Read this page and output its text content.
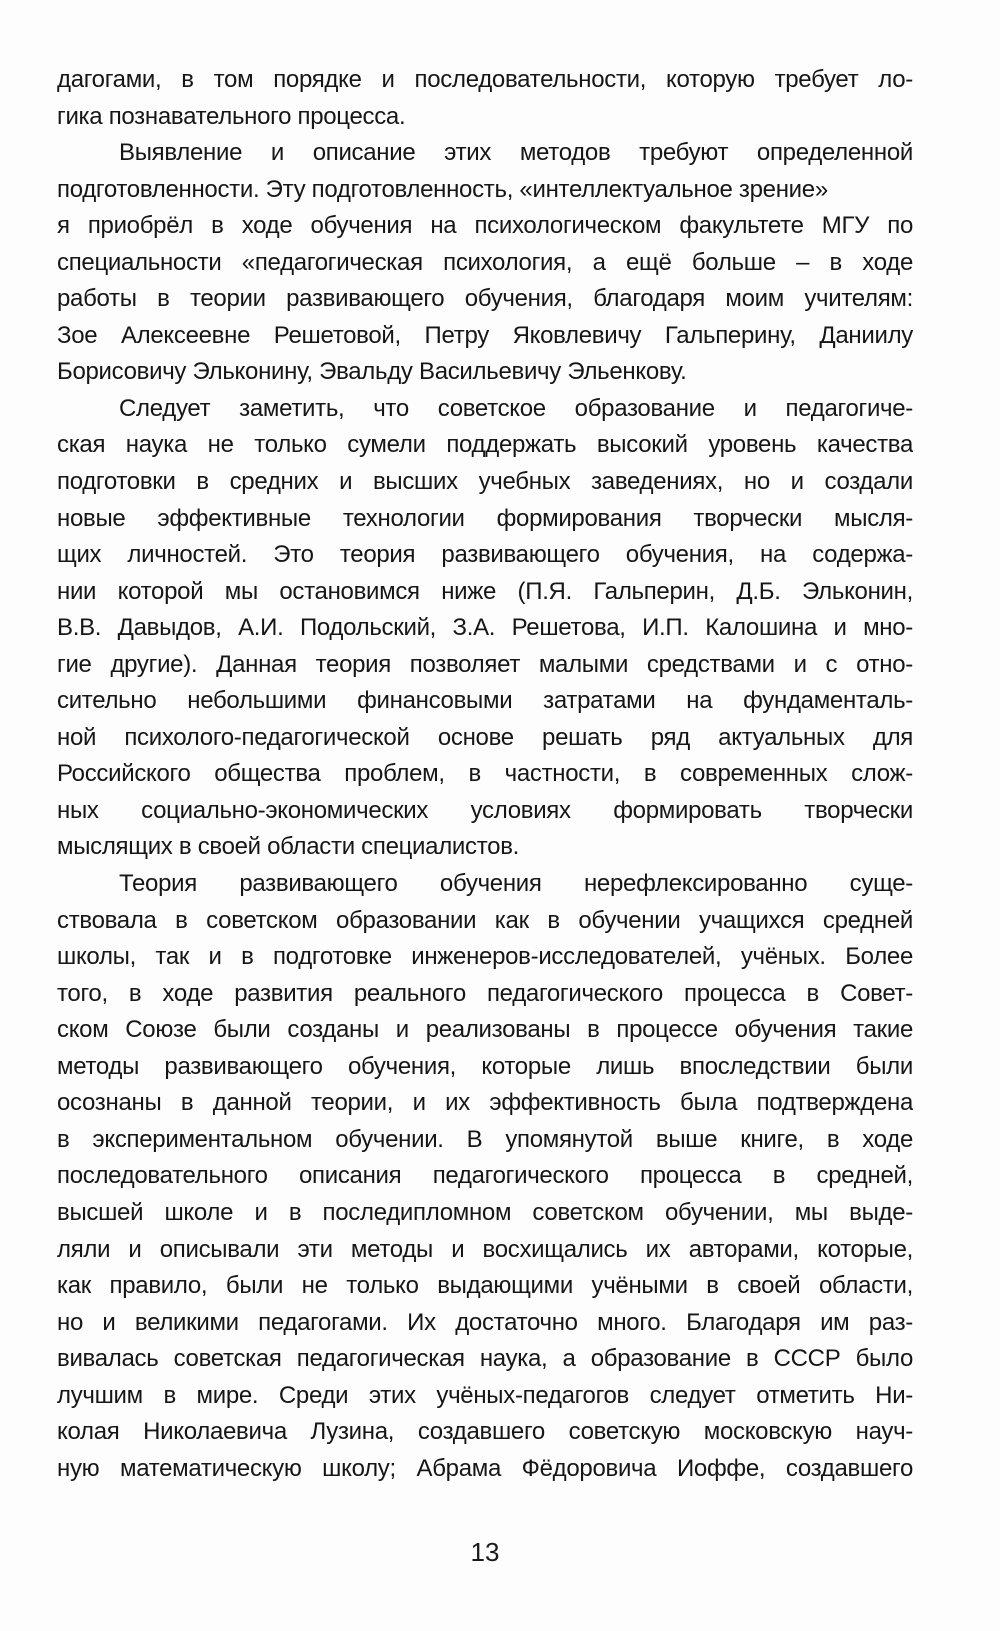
дагогами, в том порядке и последовательности, которую требует ло-
гика познавательного процесса.
Выявление и описание этих методов требуют определенной
подготовленности. Эту подготовленность, «интеллектуальное зрение»
я приобрёл в ходе обучения на психологическом факультете МГУ по
специальности «педагогическая психология, а ещё больше – в ходе
работы в теории развивающего обучения, благодаря моим учителям:
Зое Алексеевне Решетовой, Петру Яковлевичу Гальперину, Даниилу
Борисовичу Эльконину, Эвальду Васильевичу Эльенкову.
Следует заметить, что советское образование и педагогиче-
ская наука не только сумели поддержать высокий уровень качества
подготовки в средних и высших учебных заведениях, но и создали
новые эффективные технологии формирования творчески мысля-
щих личностей. Это теория развивающего обучения, на содержа-
нии которой мы остановимся ниже (П.Я. Гальперин, Д.Б. Эльконин,
В.В. Давыдов, А.И. Подольский, З.А. Решетова, И.П. Калошина и мно-
гие другие). Данная теория позволяет малыми средствами и с отно-
сительно небольшими финансовыми затратами на фундаменталь-
ной психолого-педагогической основе решать ряд актуальных для
Российского общества проблем, в частности, в современных слож-
ных социально-экономических условиях формировать творчески
мыслящих в своей области специалистов.
Теория развивающего обучения нерефлексированно суще-
ствовала в советском образовании как в обучении учащихся средней
школы, так и в подготовке инженеров-исследователей, учёных. Более
того, в ходе развития реального педагогического процесса в Совет-
ском Союзе были созданы и реализованы в процессе обучения такие
методы развивающего обучения, которые лишь впоследствии были
осознаны в данной теории, и их эффективность была подтверждена
в экспериментальном обучении. В упомянутой выше книге, в ходе
последовательного описания педагогического процесса в средней,
высшей школе и в последипломном советском обучении, мы выде-
ляли и описывали эти методы и восхищались их авторами, которые,
как правило, были не только выдающими учёными в своей области,
но и великими педагогами. Их достаточно много. Благодаря им раз-
вивалась советская педагогическая наука, а образование в СССР было
лучшим в мире. Среди этих учёных-педагогов следует отметить Ни-
колая Николаевича Лузина, создавшего советскую московскую науч-
ную математическую школу; Абрама Фёдоровича Иоффе, создавшего
13
